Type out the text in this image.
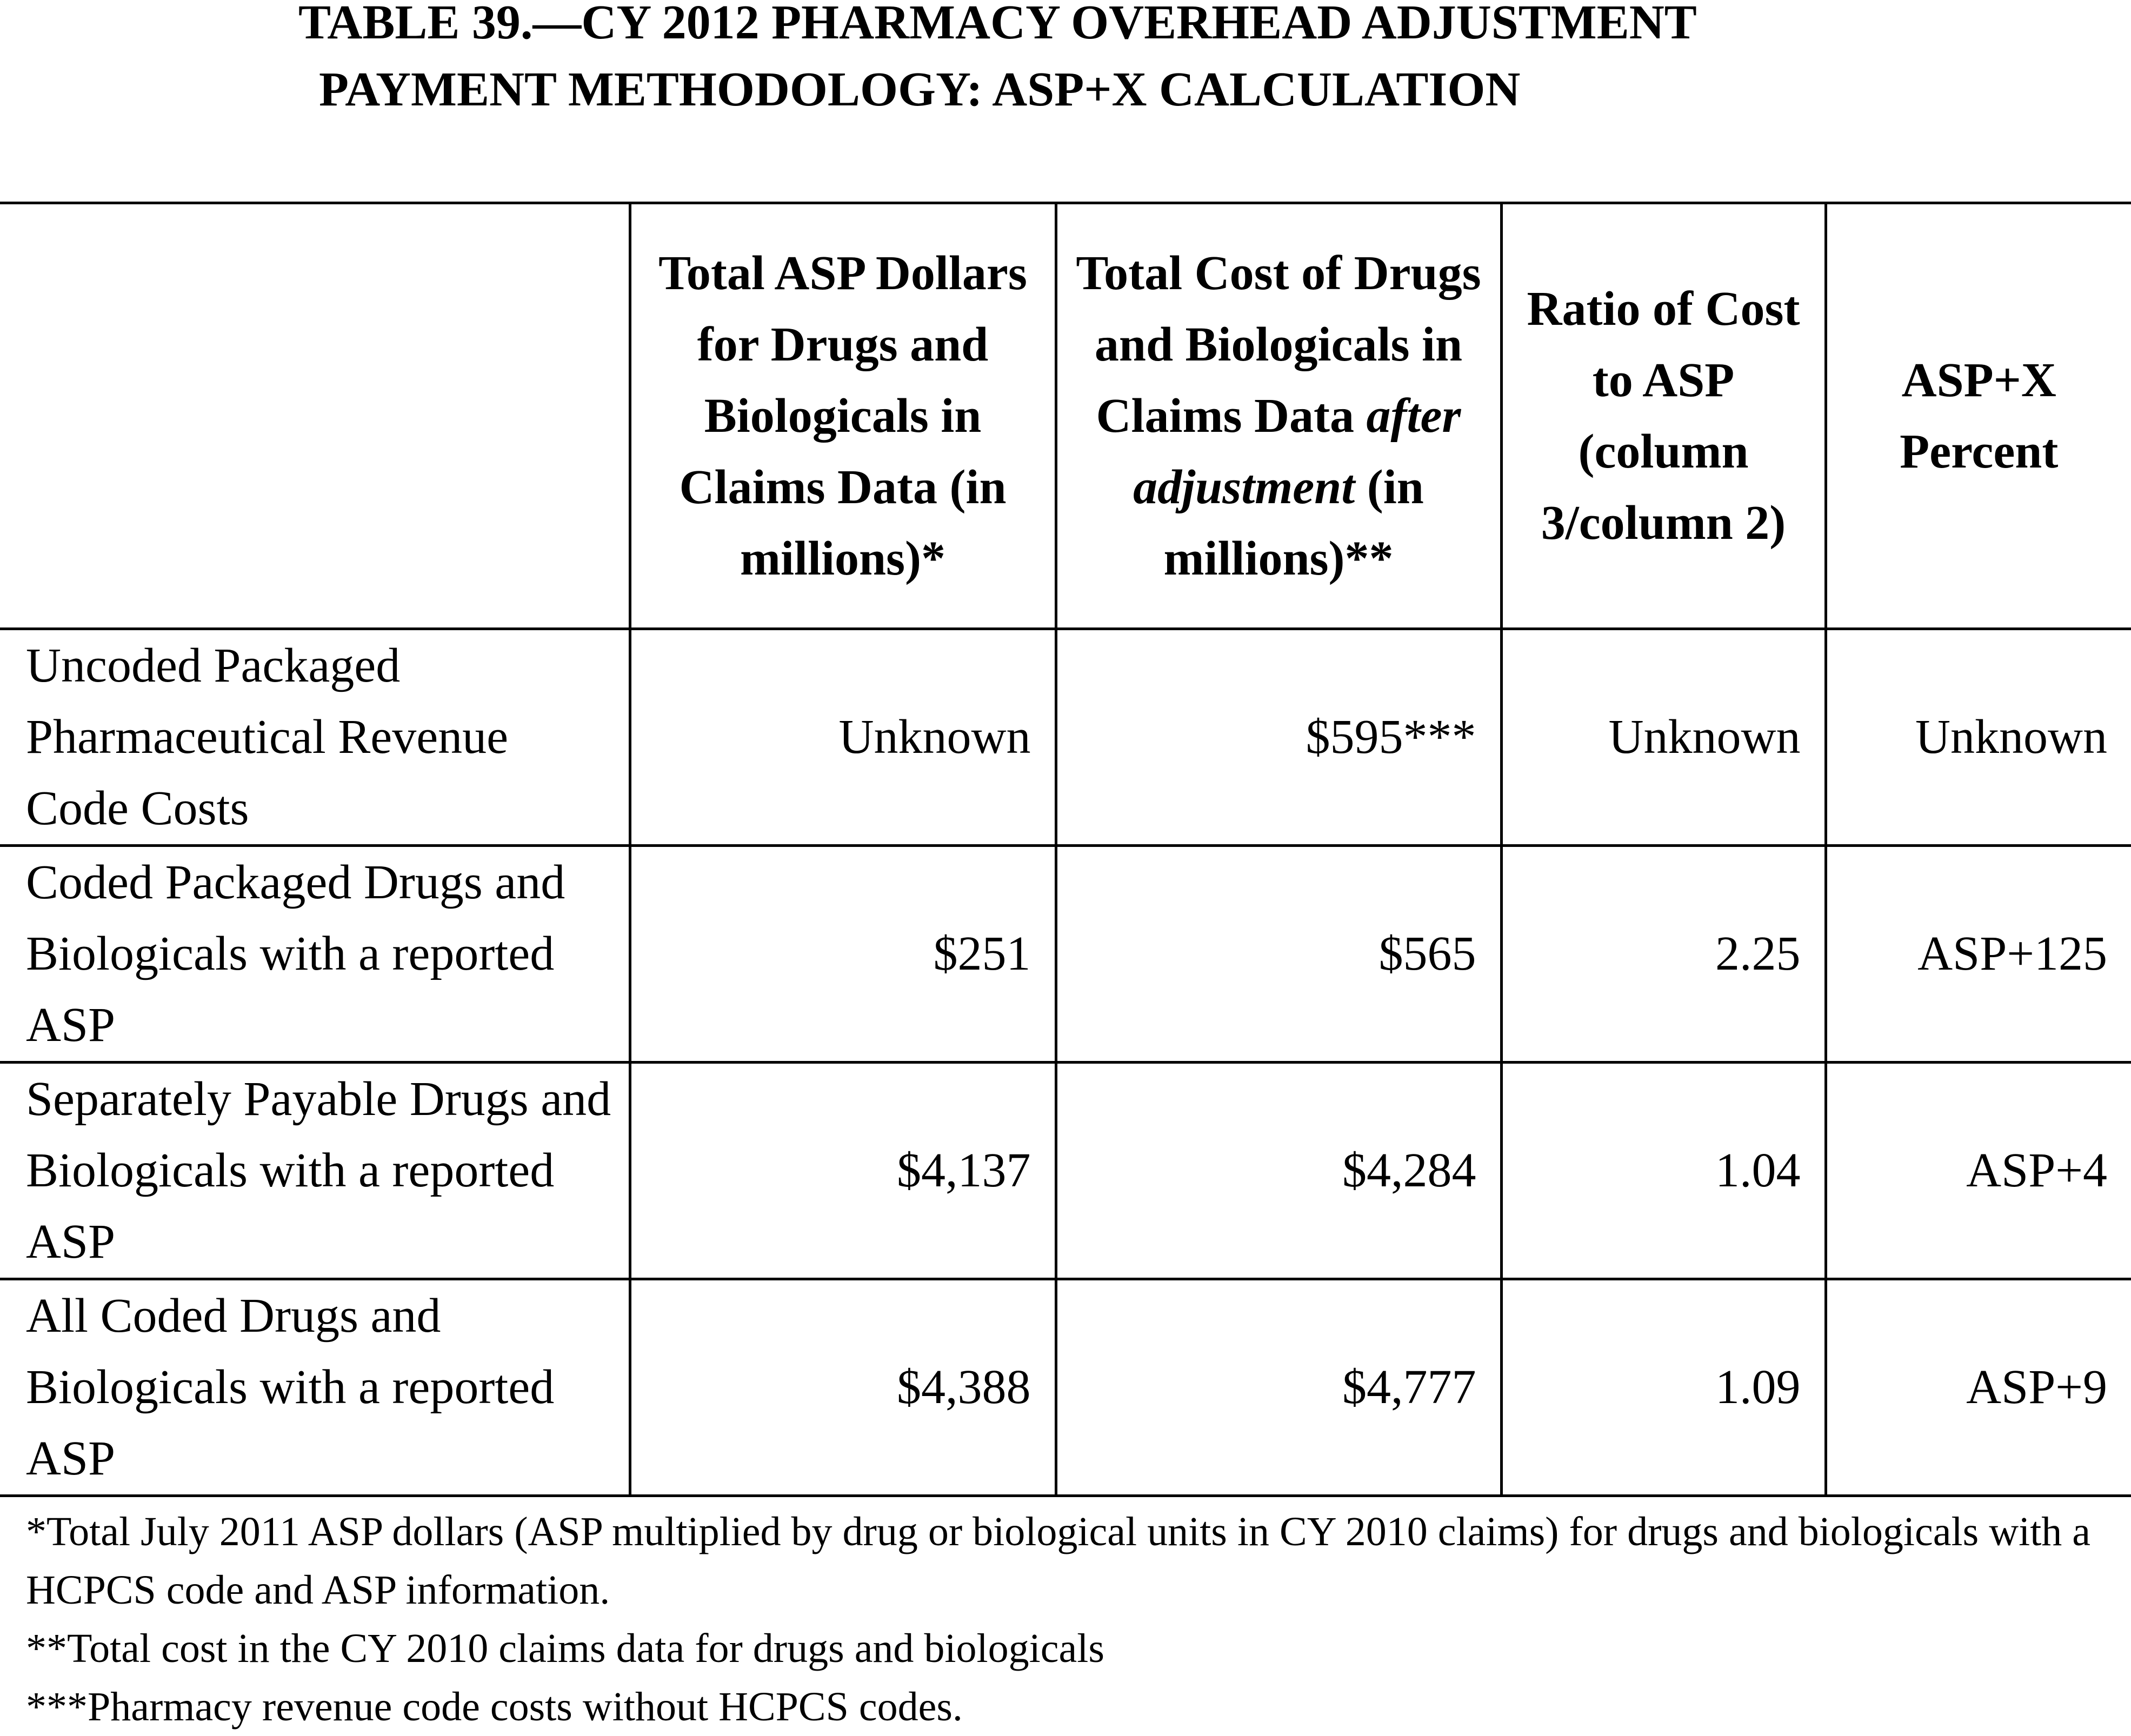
TABLE 39.—CY 2012 PHARMACY OVERHEAD ADJUSTMENT
PAYMENT METHODOLOGY: ASP+X CALCULATION
	Total ASP Dollars for Drugs and Biologicals in Claims Data (in millions)*	Total Cost of Drugs and Biologicals in Claims Data after adjustment (in millions)**	Ratio of Cost to ASP (column 3/column 2)	ASP+X Percent
Uncoded Packaged Pharmaceutical Revenue Code Costs	Unknown	$595***	Unknown	Unknown
Coded Packaged Drugs and Biologicals with a reported ASP	$251	$565	2.25	ASP+125
Separately Payable Drugs and Biologicals with a reported ASP	$4,137	$4,284	1.04	ASP+4
All Coded Drugs and Biologicals with a reported ASP	$4,388	$4,777	1.09	ASP+9

*Total July 2011 ASP dollars (ASP multiplied by drug or biological units in CY 2010 claims) for drugs and biologicals with a HCPCS code and ASP information.

**Total cost in the CY 2010 claims data for drugs and biologicals

***Pharmacy revenue code costs without HCPCS codes.
